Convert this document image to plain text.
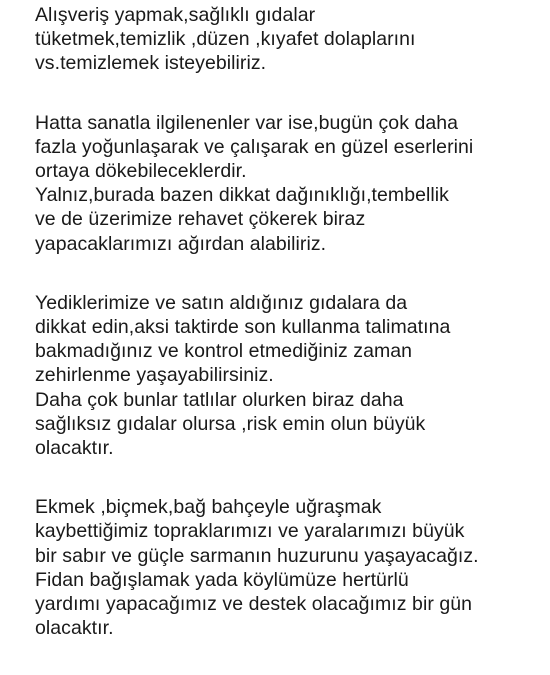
Alışveriş yapmak,sağlıklı gıdalar
tüketmek,temizlik ,düzen ,kıyafet dolaplarını
vs.temizlemek isteyebiliriz.

Hatta sanatla ilgilenenler var ise,bugün çok daha
fazla yoğunlaşarak ve çalışarak en güzel eserlerini
ortaya dökebileceklerdir.
Yalnız,burada bazen dikkat dağınıklığı,tembellik
ve de üzerimize rehavet çökerek biraz
yapacaklarımızı ağırdan alabiliriz.

Yediklerimize ve satın aldığınız gıdalara da
dikkat edin,aksi taktirde son kullanma talimatına
bakmadığınız ve kontrol etmediğiniz zaman
zehirlenme yaşayabilirsiniz.
Daha çok bunlar tatlılar olurken biraz daha
sağlıksız gıdalar olursa ,risk emin olun büyük
olacaktır.

Ekmek ,biçmek,bağ bahçeyle uğraşmak
kaybettiğimiz topraklarımızı ve yaralarımızı büyük
bir sabır ve güçle sarmanın huzurunu yaşayacağız.
Fidan bağışlamak yada köylümüze hertürlü
yardımı yapacağımız ve destek olacağımız bir gün
olacaktır.
